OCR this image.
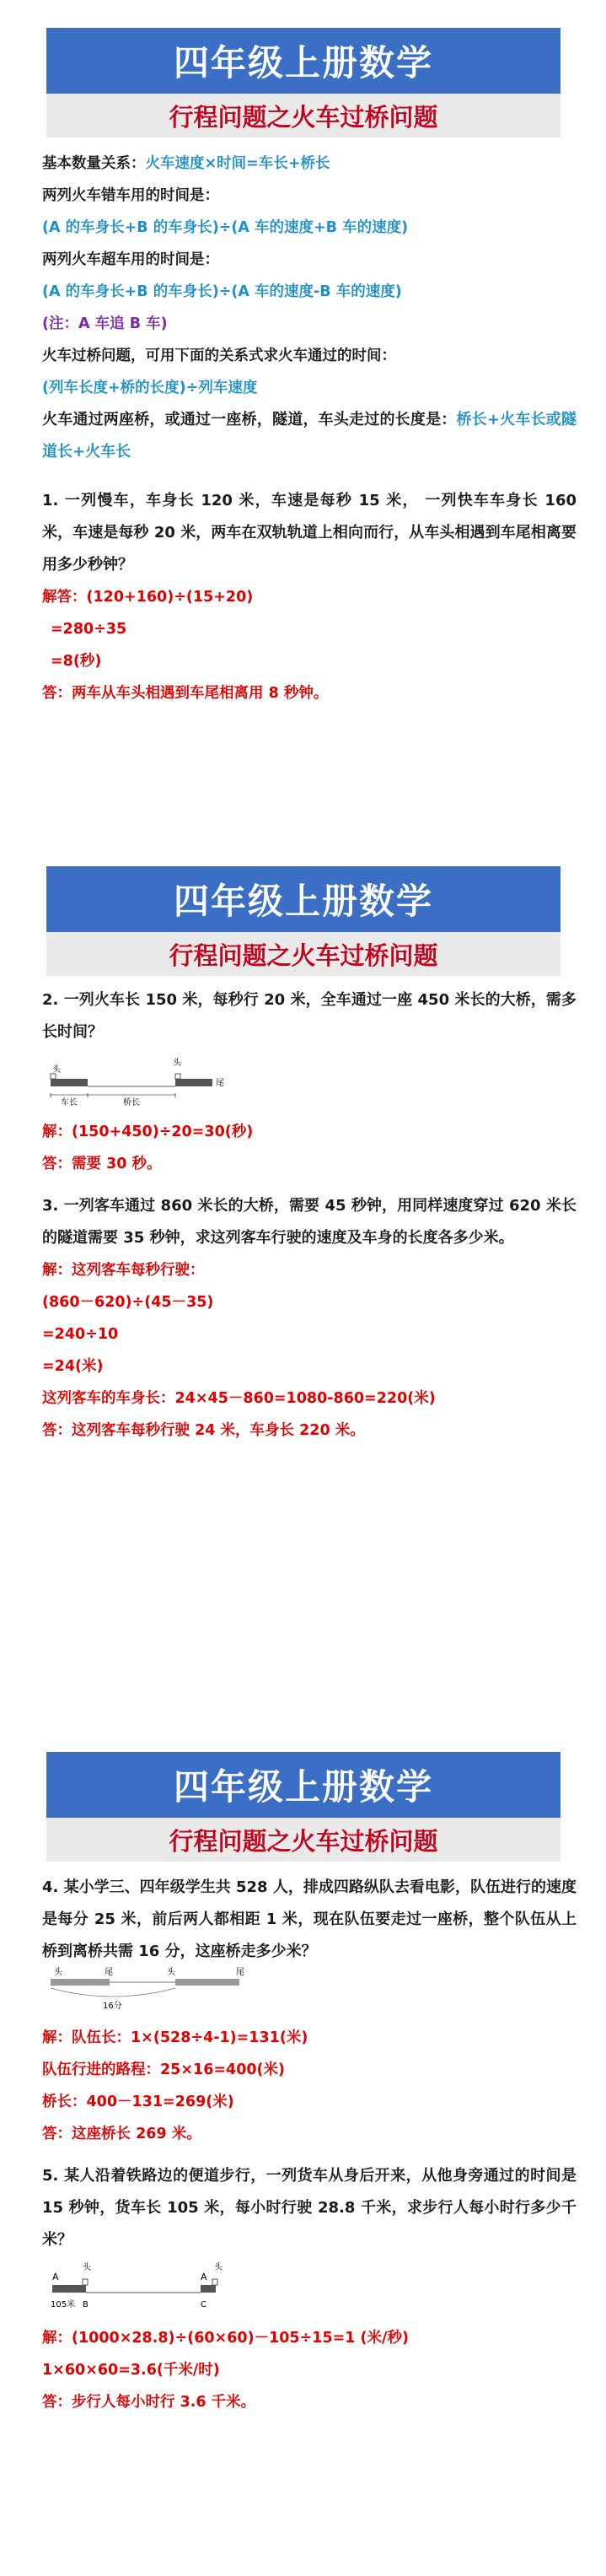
四年级上册数学
行程问题之火车过桥问题

基本数量关系：火车速度×时间=车长+桥长

两列火车错车用的时间是：

(A 的车身长+B 的车身长)÷(A 车的速度+B 车的速度)

两列火车超车用的时间是：

(A 的车身长+B 的车身长)÷(A 车的速度-B 车的速度)

(注：A 车追 B 车)

火车过桥问题，可用下面的关系式求火车通过的时间：

(列车长度+桥的长度)÷列车速度

火车通过两座桥，或通过一座桥，隧道，车头走过的长度是：桥长+火车长或隧道长+火车长

1. 一列慢车，车身长 120 米，车速是每秒 15 米， 一列快车车身长 160 米，车速是每秒 20 米，两车在双轨轨道上相向而行，从车头相遇到车尾相离要用多少秒钟？

解答：(120+160)÷(15+20)

=280÷35

=8(秒)

答：两车从车头相遇到车尾相离用 8 秒钟。

四年级上册数学
行程问题之火车过桥问题

2. 一列火车长 150 米，每秒行 20 米，全车通过一座 450 米长的大桥，需多长时间？

头
头
尾
车长	桥长

解：(150+450)÷20=30(秒)

答：需要 30 秒。

3. 一列客车通过 860 米长的大桥，需要 45 秒钟，用同样速度穿过 620 米长的隧道需要 35 秒钟，求这列客车行驶的速度及车身的长度各多少米。

解：这列客车每秒行驶：

(860－620)÷(45－35)

=240÷10

=24(米)

这列客车的车身长：24×45－860=1080-860=220(米)

答：这列客车每秒行驶 24 米，车身长 220 米。

四年级上册数学
行程问题之火车过桥问题

4. 某小学三、四年级学生共 528 人，排成四路纵队去看电影，队伍进行的速度是每分 25 米，前后两人都相距 1 米，现在队伍要走过一座桥，整个队伍从上桥到离桥共需 16 分，这座桥走多少米？

头	尾	头	尾
16分

解：队伍长：1×(528÷4-1)=131(米)

队伍行进的路程：25×16=400(米)

桥长：400－131=269(米)

答：这座桥长 269 米。

5. 某人沿着铁路边的便道步行，一列货车从身后开来，从他身旁通过的时间是 15 秒钟，货车长 105 米，每小时行驶 28.8 千米，求步行人每小时行多少千米？

A
头
A
头
105米 B	C

解：(1000×28.8)÷(60×60)－105÷15=1 (米/秒)

1×60×60=3.6(千米/时)

答：步行人每小时行 3.6 千米。
